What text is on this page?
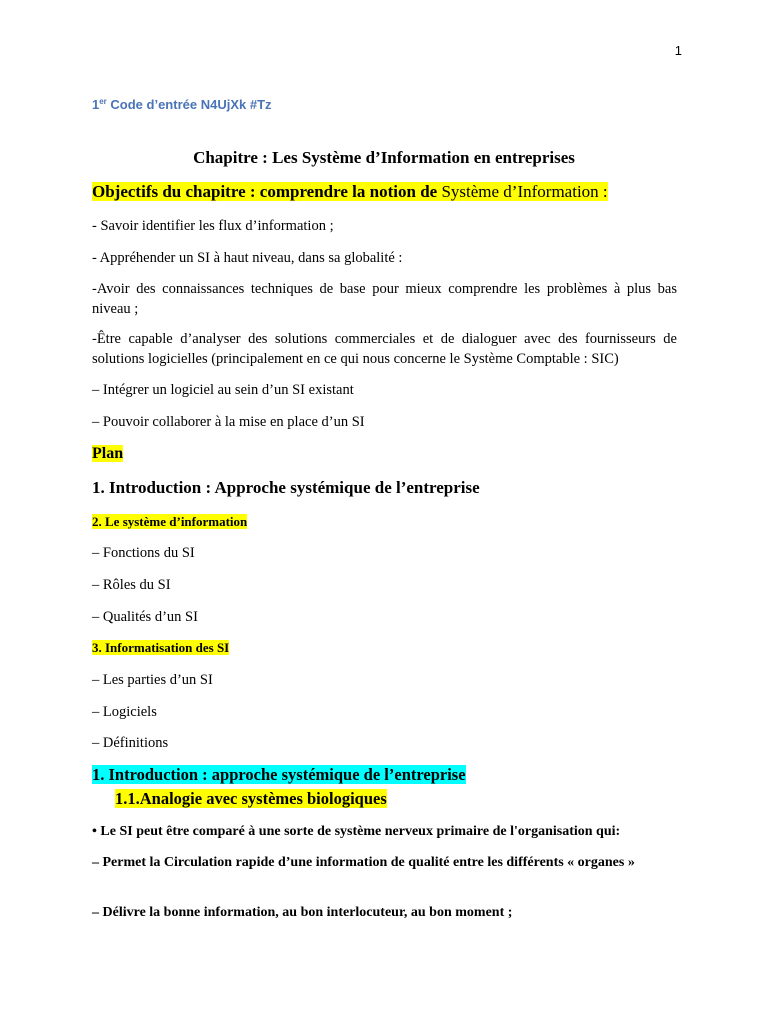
1
1er Code d’entrée N4UjXk #Tz
Chapitre : Les Système d’Information en entreprises
Objectifs du chapitre : comprendre la notion de Système d’Information :
- Savoir identifier les flux d’information ;
- Appréhender un SI à haut niveau, dans sa globalité :
-Avoir des connaissances techniques de base pour mieux comprendre les problèmes à plus bas niveau ;
-Être capable d’analyser des solutions commerciales et de dialoguer avec des fournisseurs de solutions logicielles (principalement en ce qui nous concerne le Système Comptable : SIC)
– Intégrer un logiciel au sein d’un SI existant
– Pouvoir collaborer à la mise en place d’un SI
Plan
1. Introduction : Approche systémique de l’entreprise
2. Le système d’information
– Fonctions du SI
– Rôles du SI
– Qualités d’un SI
3. Informatisation des SI
– Les parties d’un SI
– Logiciels
– Définitions
1. Introduction : approche systémique de l’entreprise
1.1.Analogie avec systèmes biologiques
• Le SI peut être comparé à une sorte de système nerveux primaire de l'organisation qui:
– Permet la Circulation rapide d’une information de qualité entre les différents « organes »
– Délivre la bonne information, au bon interlocuteur, au bon moment ;
